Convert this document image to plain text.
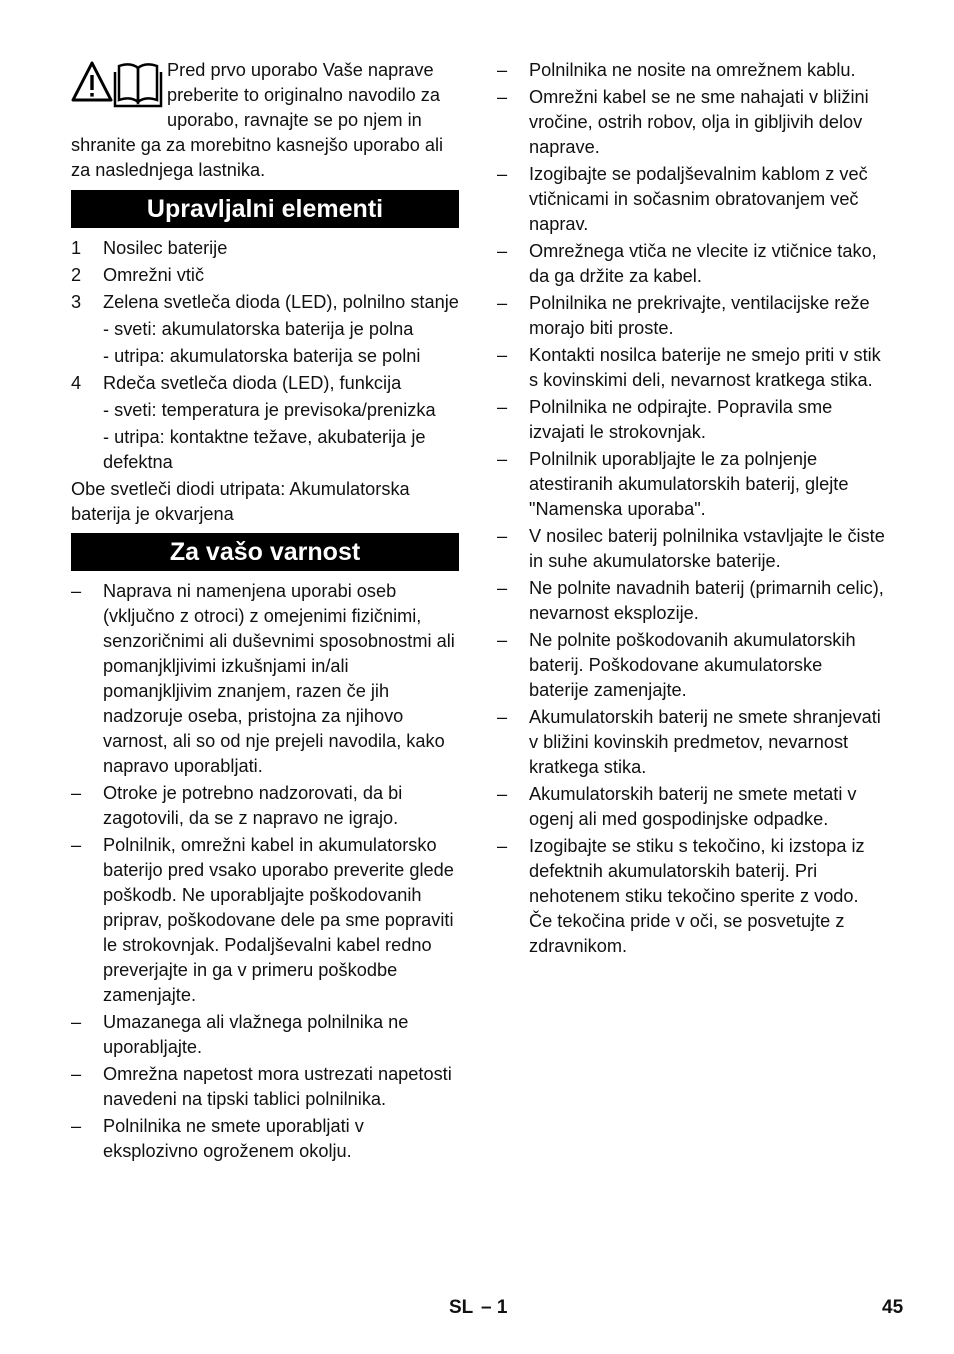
Pred prvo uporabo Vaše naprave preberite to originalno navodilo za uporabo, ravnajte se po njem in shranite ga za morebitno kasnejšo uporabo ali za naslednjega lastnika.

Upravljalni elementi
1 Nosilec baterije
2 Omrežni vtič
3 Zelena svetleča dioda (LED), polnilno stanje
- sveti: akumulatorska baterija je polna
- utripa: akumulatorska baterija se polni
4 Rdeča svetleča dioda (LED), funkcija
- sveti: temperatura je previsoka/prenizka
- utripa: kontaktne težave, akubaterija je defektna

Obe svetleči diodi utripata: Akumulatorska baterija je okvarjena

Za vašo varnost
– Naprava ni namenjena uporabi oseb (vključno z otroci) z omejenimi fizičnimi, senzoričnimi ali duševnimi sposobnostmi ali pomanjkljivimi izkušnjami in/ali pomanjkljivim znanjem, razen če jih nadzoruje oseba, pristojna za njihovo varnost, ali so od nje prejeli navodila, kako napravo uporabljati.
– Otroke je potrebno nadzorovati, da bi zagotovili, da se z napravo ne igrajo.
– Polnilnik, omrežni kabel in akumulatorsko baterijo pred vsako uporabo preverite glede poškodb. Ne uporabljajte poškodovanih priprav, poškodovane dele pa sme popraviti le strokovnjak. Podaljševalni kabel redno preverjajte in ga v primeru poškodbe zamenjajte.
– Umazanega ali vlažnega polnilnika ne uporabljajte.
– Omrežna napetost mora ustrezati napetosti navedeni na tipski tablici polnilnika.
– Polnilnika ne smete uporabljati v eksplozivno ogroženem okolju.
– Polnilnika ne nosite na omrežnem kablu.
– Omrežni kabel se ne sme nahajati v bližini vročine, ostrih robov, olja in gibljivih delov naprave.
– Izogibajte se podaljševalnim kablom z več vtičnicami in sočasnim obratovanjem več naprav.
– Omrežnega vtiča ne vlecite iz vtičnice tako, da ga držite za kabel.
– Polnilnika ne prekrivajte, ventilacijske reže morajo biti proste.
– Kontakti nosilca baterije ne smejo priti v stik s kovinskimi deli, nevarnost kratkega stika.
– Polnilnika ne odpirajte. Popravila sme izvajati le strokovnjak.
– Polnilnik uporabljajte le za polnjenje atestiranih akumulatorskih baterij, glejte "Namenska uporaba".
– V nosilec baterij polnilnika vstavljajte le čiste in suhe akumulatorske baterije.
– Ne polnite navadnih baterij (primarnih celic), nevarnost eksplozije.
– Ne polnite poškodovanih akumulatorskih baterij. Poškodovane akumulatorske baterije zamenjajte.
– Akumulatorskih baterij ne smete shranjevati v bližini kovinskih predmetov, nevarnost kratkega stika.
– Akumulatorskih baterij ne smete metati v ogenj ali med gospodinjske odpadke.
– Izogibajte se stiku s tekočino, ki izstopa iz defektnih akumulatorskih baterij. Pri nehotenem stiku tekočino sperite z vodo. Če tekočina pride v oči, se posvetujte z zdravnikom.
SL – 1	45
